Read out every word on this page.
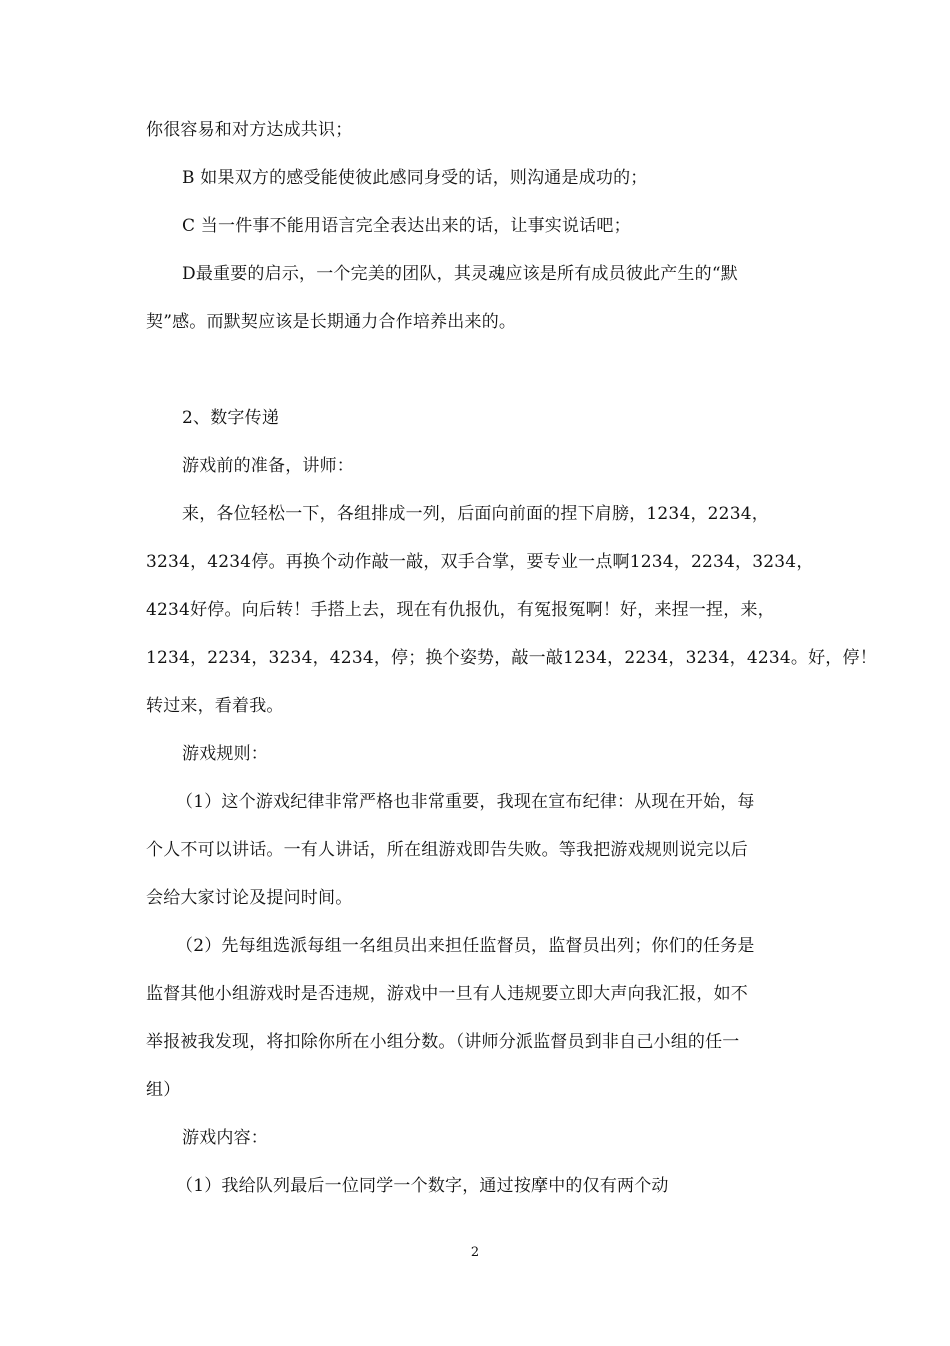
你很容易和对方达成共识；
B 如果双方的感受能使彼此感同身受的话，则沟通是成功的；
C 当一件事不能用语言完全表达出来的话，让事实说话吧；
D最重要的启示，一个完美的团队，其灵魂应该是所有成员彼此产生的“默
契”感。而默契应该是长期通力合作培养出来的。
2、数字传递
游戏前的准备，讲师：
来，各位轻松一下，各组排成一列，后面向前面的捏下肩膀，1234，2234，
3234，4234停。再换个动作敲一敲，双手合掌，要专业一点啊1234，2234，3234，
4234好停。向后转！手搭上去，现在有仇报仇，有冤报冤啊！好，来捏一捏，来，
1234，2234，3234，4234，停；换个姿势，敲一敲1234，2234，3234，4234。好，停！
转过来，看着我。
游戏规则：
（1）这个游戏纪律非常严格也非常重要，我现在宣布纪律：从现在开始，每
个人不可以讲话。一有人讲话，所在组游戏即告失败。等我把游戏规则说完以后
会给大家讨论及提问时间。
（2）先每组选派每组一名组员出来担任监督员，监督员出列；你们的任务是
监督其他小组游戏时是否违规，游戏中一旦有人违规要立即大声向我汇报，如不
举报被我发现，将扣除你所在小组分数。（讲师分派监督员到非自己小组的任一
组）
游戏内容：
（1）我给队列最后一位同学一个数字，通过按摩中的仅有两个动
2
